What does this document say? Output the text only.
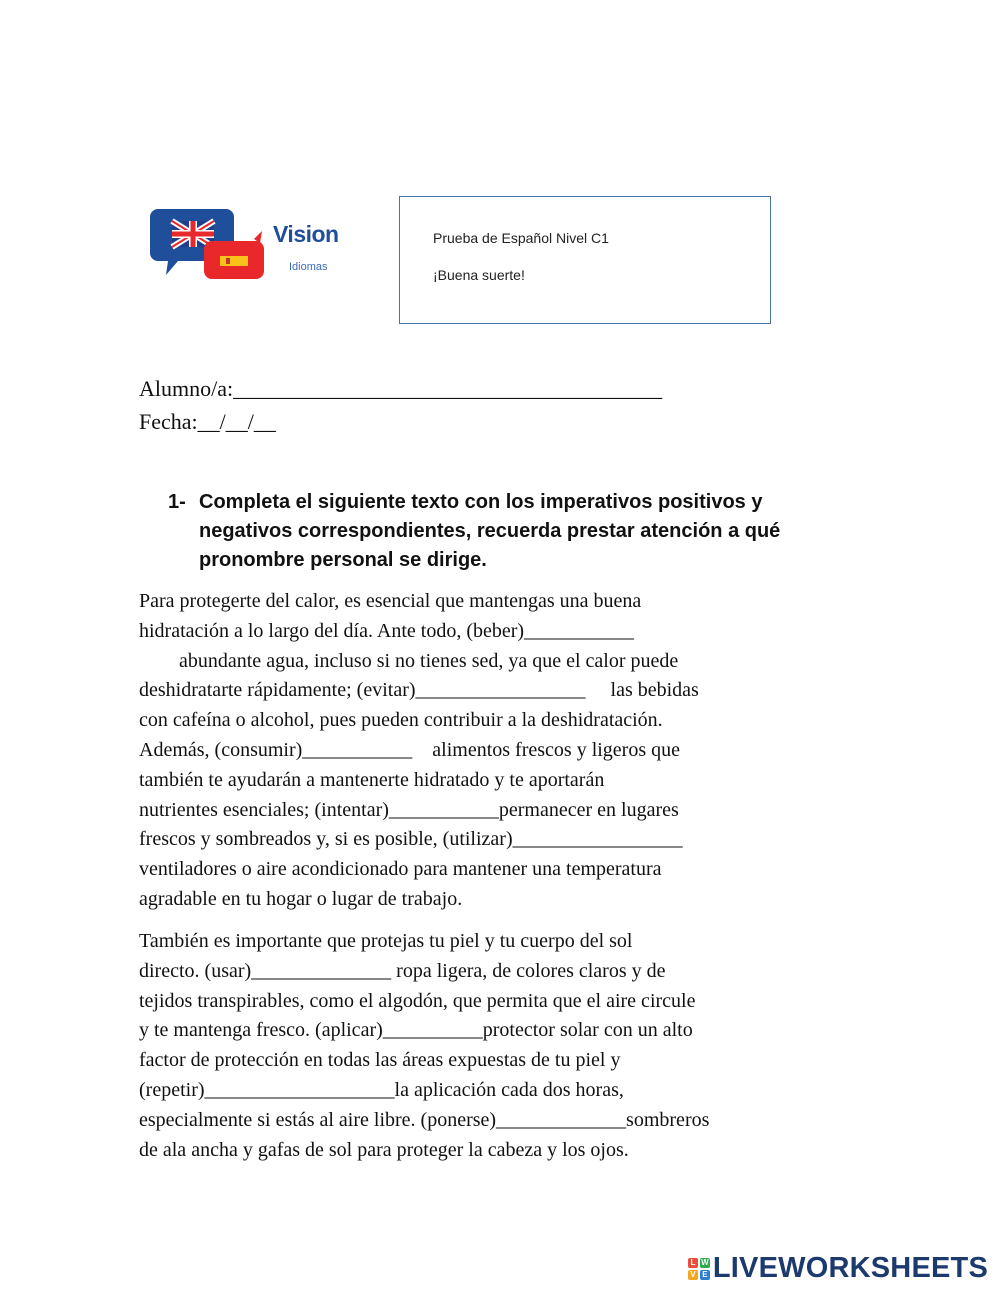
Vision
Idiomas
Prueba de Español Nivel C1
¡Buena suerte!
Alumno/a:_______________________________________
Fecha:__/__/__
1- Completa el siguiente texto con los imperativos positivos y negativos correspondientes, recuerda prestar atención a qué pronombre personal se dirige.
Para protegerte del calor, es esencial que mantengas una buena
hidratación a lo largo del día. Ante todo, (beber)___________
abundante agua, incluso si no tienes sed, ya que el calor puede
deshidratarte rápidamente; (evitar)_________________     las bebidas
con cafeína o alcohol, pues pueden contribuir a la deshidratación.
Además, (consumir)___________    alimentos frescos y ligeros que
también te ayudarán a mantenerte hidratado y te aportarán
nutrientes esenciales; (intentar)___________permanecer en lugares
frescos y sombreados y, si es posible, (utilizar)_________________
ventiladores o aire acondicionado para mantener una temperatura
agradable en tu hogar o lugar de trabajo.
También es importante que protejas tu piel y tu cuerpo del sol
directo. (usar)______________ ropa ligera, de colores claros y de
tejidos transpirables, como el algodón, que permita que el aire circule
y te mantenga fresco. (aplicar)__________protector solar con un alto
factor de protección en todas las áreas expuestas de tu piel y
(repetir)___________________la aplicación cada dos horas,
especialmente si estás al aire libre. (ponerse)_____________sombreros
de ala ancha y gafas de sol para proteger la cabeza y los ojos.
L W
V E LIVEWORKSHEETS
